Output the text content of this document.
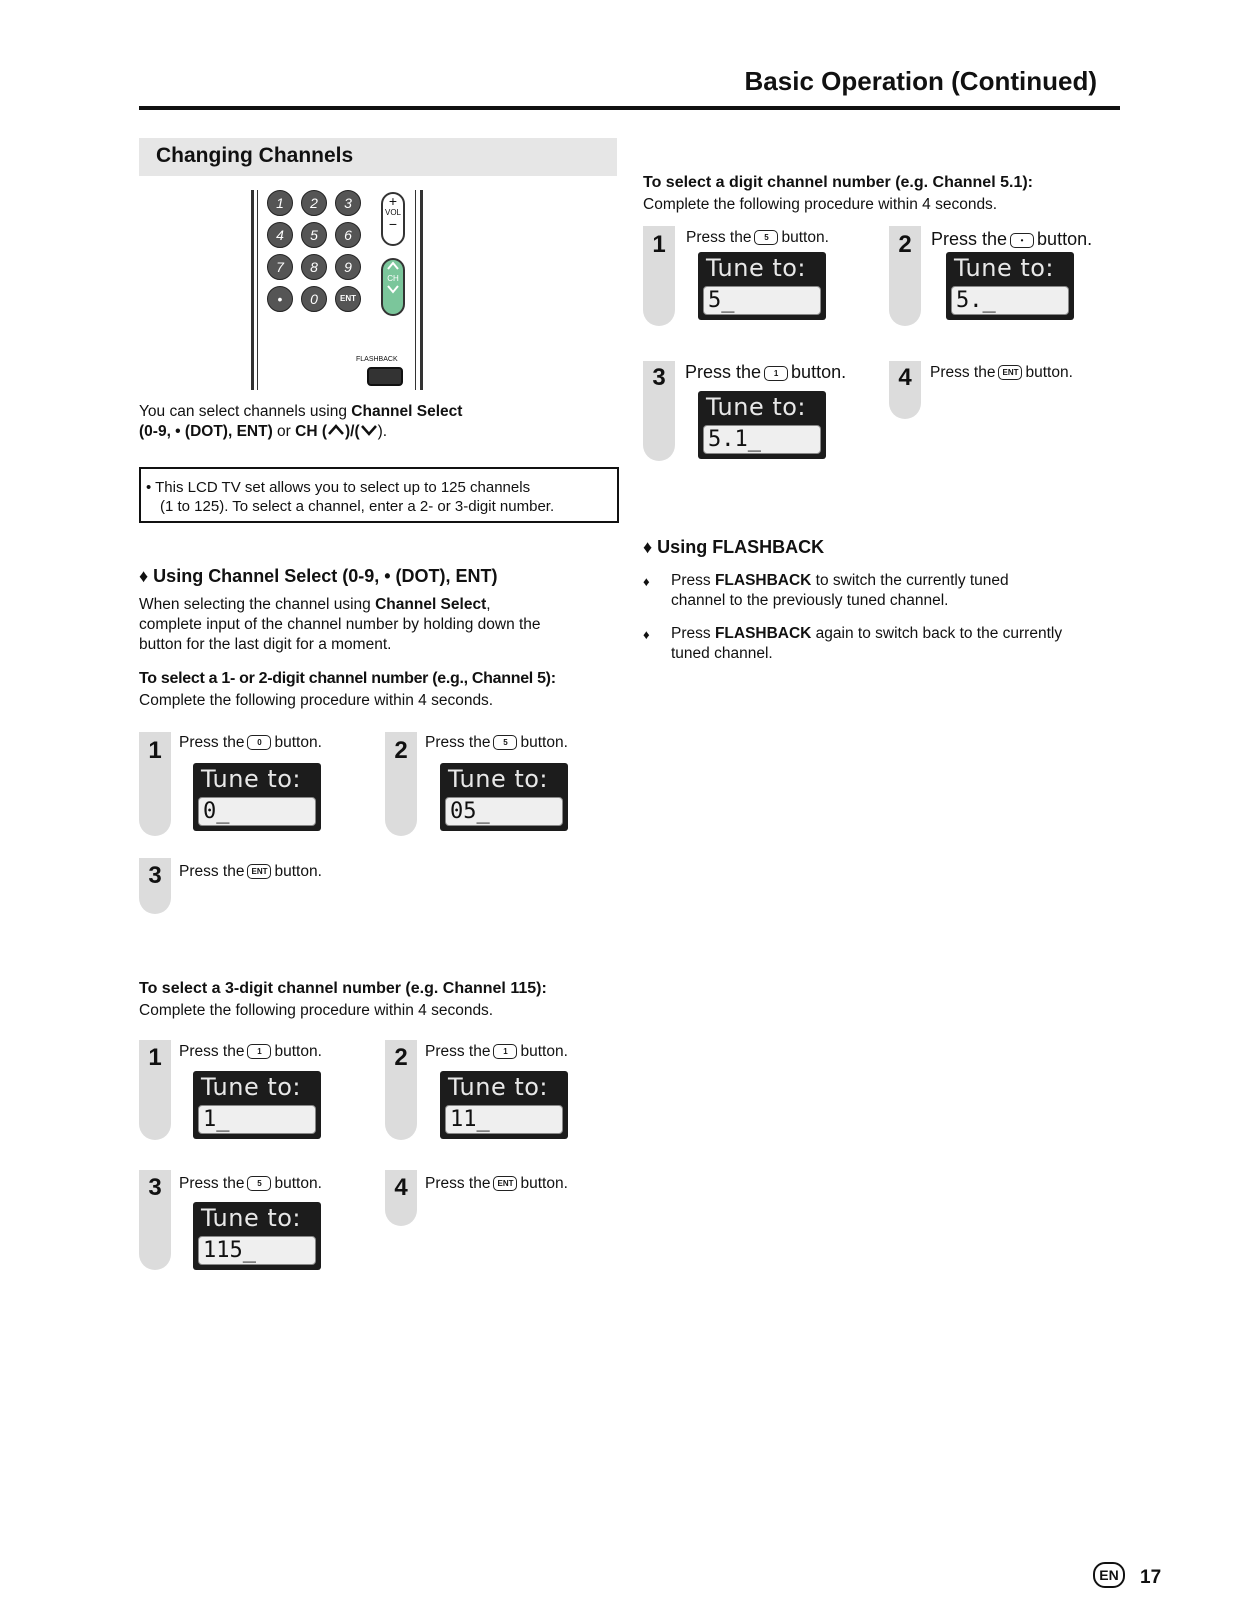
Basic Operation (Continued)
Changing Channels
1	2	3
4	5	6
7	8	9
•	0	ENT
+
VOL
−
CH
FLASHBACK
You can select channels using Channel Select
(0-9, • (DOT), ENT) or CH ( )/( ).
• This LCD TV set allows you to select up to 125 channels
(1 to 125). To select a channel, enter a 2- or 3-digit number.
♦ Using Channel Select (0-9, • (DOT), ENT)
When selecting the channel using Channel Select,
complete input of the channel number by holding down the
button for the last digit for a moment.
To select a 1- or 2-digit channel number (e.g., Channel 5):
Complete the following procedure within 4 seconds.
1	Press the 0 button.
Tune to:
0_
2	Press the 5 button.
Tune to:
05_
3	Press the ENT button.
To select a 3-digit channel number (e.g. Channel 115):
Complete the following procedure within 4 seconds.
1	Press the 1 button.
Tune to:
1_
2	Press the 1 button.
Tune to:
11_
3	Press the 5 button.
Tune to:
115_
4	Press the ENT button.
To select a digit channel number (e.g. Channel 5.1):
Complete the following procedure within 4 seconds.
1	Press the 5 button.
Tune to:
5_
2	Press the • button.
Tune to:
5._
3	Press the 1 button.
Tune to:
5.1_
4	Press the ENT button.
♦ Using FLASHBACK
♦ Press FLASHBACK to switch the currently tuned
channel to the previously tuned channel.
♦ Press FLASHBACK again to switch back to the currently
tuned channel.
EN	17
